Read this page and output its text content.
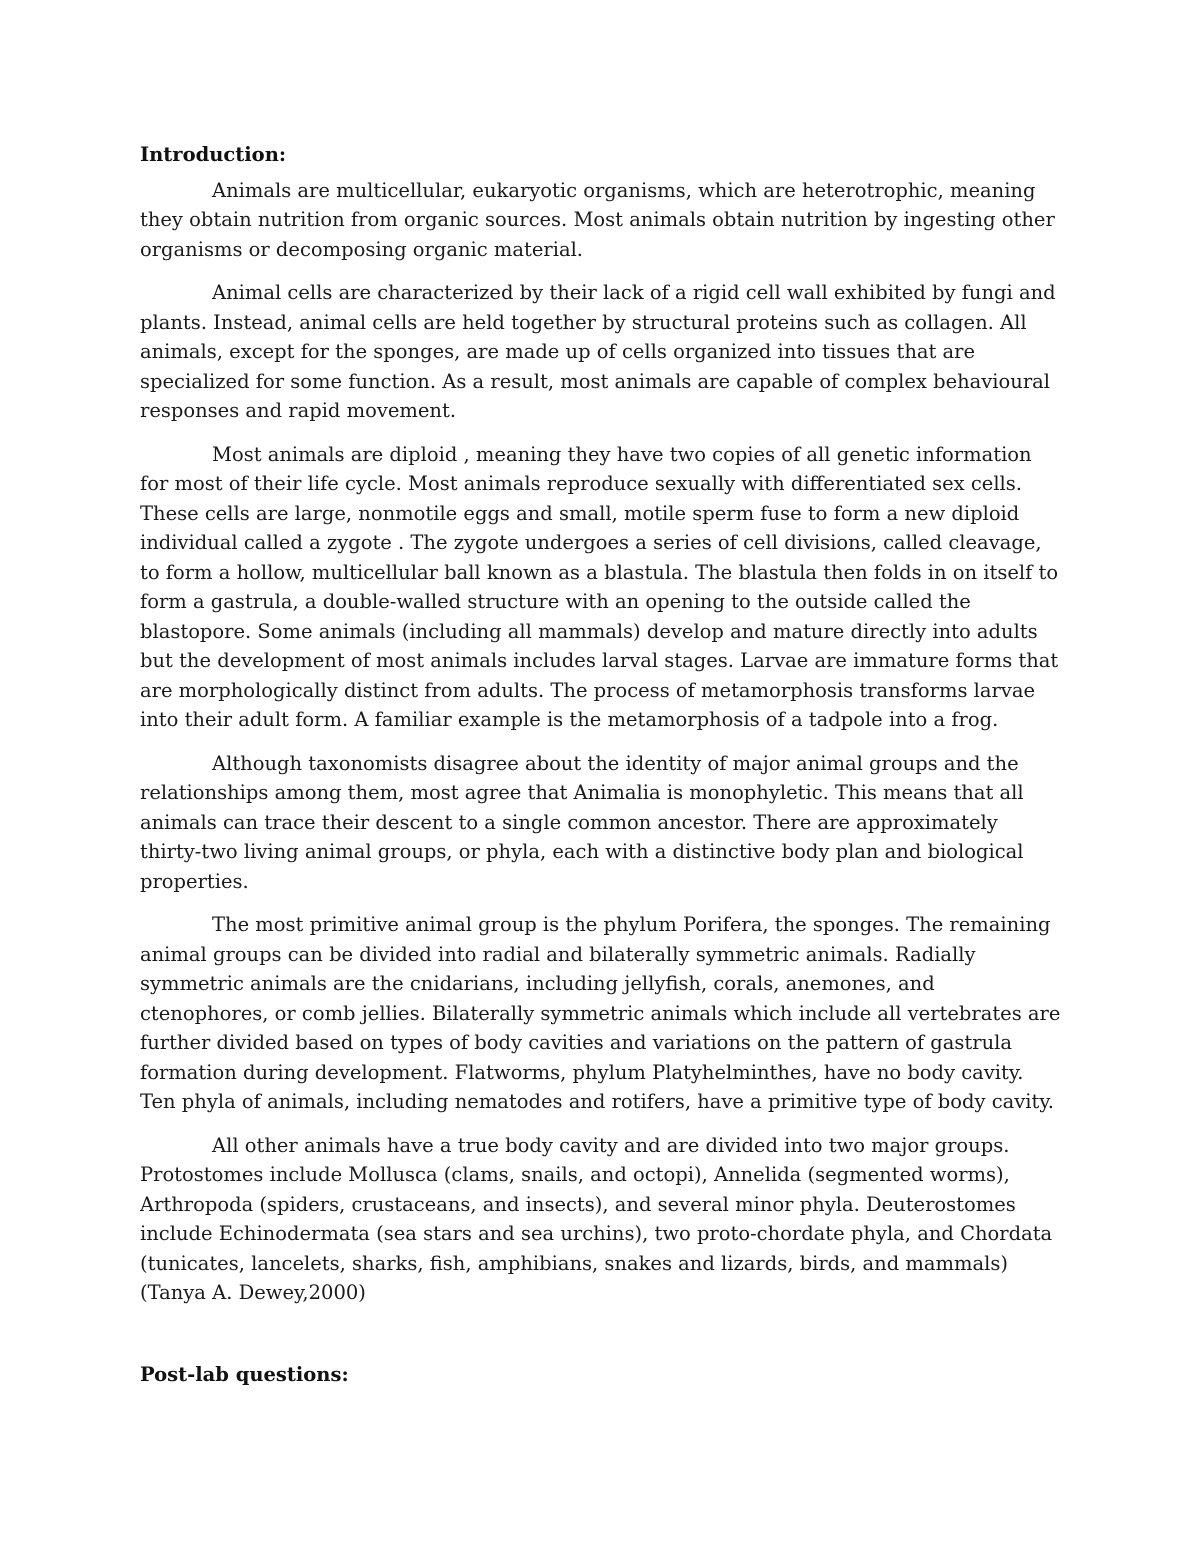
Introduction:

Animals are multicellular, eukaryotic organisms, which are heterotrophic, meaning they obtain nutrition from organic sources. Most animals obtain nutrition by ingesting other organisms or decomposing organic material.

Animal cells are characterized by their lack of a rigid cell wall exhibited by fungi and plants. Instead, animal cells are held together by structural proteins such as collagen. All animals, except for the sponges, are made up of cells organized into tissues that are specialized for some function. As a result, most animals are capable of complex behavioural responses and rapid movement.

Most animals are diploid , meaning they have two copies of all genetic information for most of their life cycle. Most animals reproduce sexually with differentiated sex cells. These cells are large, nonmotile eggs and small, motile sperm fuse to form a new diploid individual called a zygote . The zygote undergoes a series of cell divisions, called cleavage, to form a hollow, multicellular ball known as a blastula. The blastula then folds in on itself to form a gastrula, a double-walled structure with an opening to the outside called the blastopore. Some animals (including all mammals) develop and mature directly into adults but the development of most animals includes larval stages. Larvae are immature forms that are morphologically distinct from adults. The process of metamorphosis transforms larvae into their adult form. A familiar example is the metamorphosis of a tadpole into a frog.

Although taxonomists disagree about the identity of major animal groups and the relationships among them, most agree that Animalia is monophyletic. This means that all animals can trace their descent to a single common ancestor. There are approximately thirty-two living animal groups, or phyla, each with a distinctive body plan and biological properties.

The most primitive animal group is the phylum Porifera, the sponges. The remaining animal groups can be divided into radial and bilaterally symmetric animals. Radially symmetric animals are the cnidarians, including jellyfish, corals, anemones, and ctenophores, or comb jellies. Bilaterally symmetric animals which include all vertebrates are further divided based on types of body cavities and variations on the pattern of gastrula formation during development. Flatworms, phylum Platyhelminthes, have no body cavity. Ten phyla of animals, including nematodes and rotifers, have a primitive type of body cavity.

All other animals have a true body cavity and are divided into two major groups. Protostomes include Mollusca (clams, snails, and octopi), Annelida (segmented worms), Arthropoda (spiders, crustaceans, and insects), and several minor phyla. Deuterostomes include Echinodermata (sea stars and sea urchins), two proto-chordate phyla, and Chordata (tunicates, lancelets, sharks, fish, amphibians, snakes and lizards, birds, and mammals) (Tanya A. Dewey,2000)

Post-lab questions:
